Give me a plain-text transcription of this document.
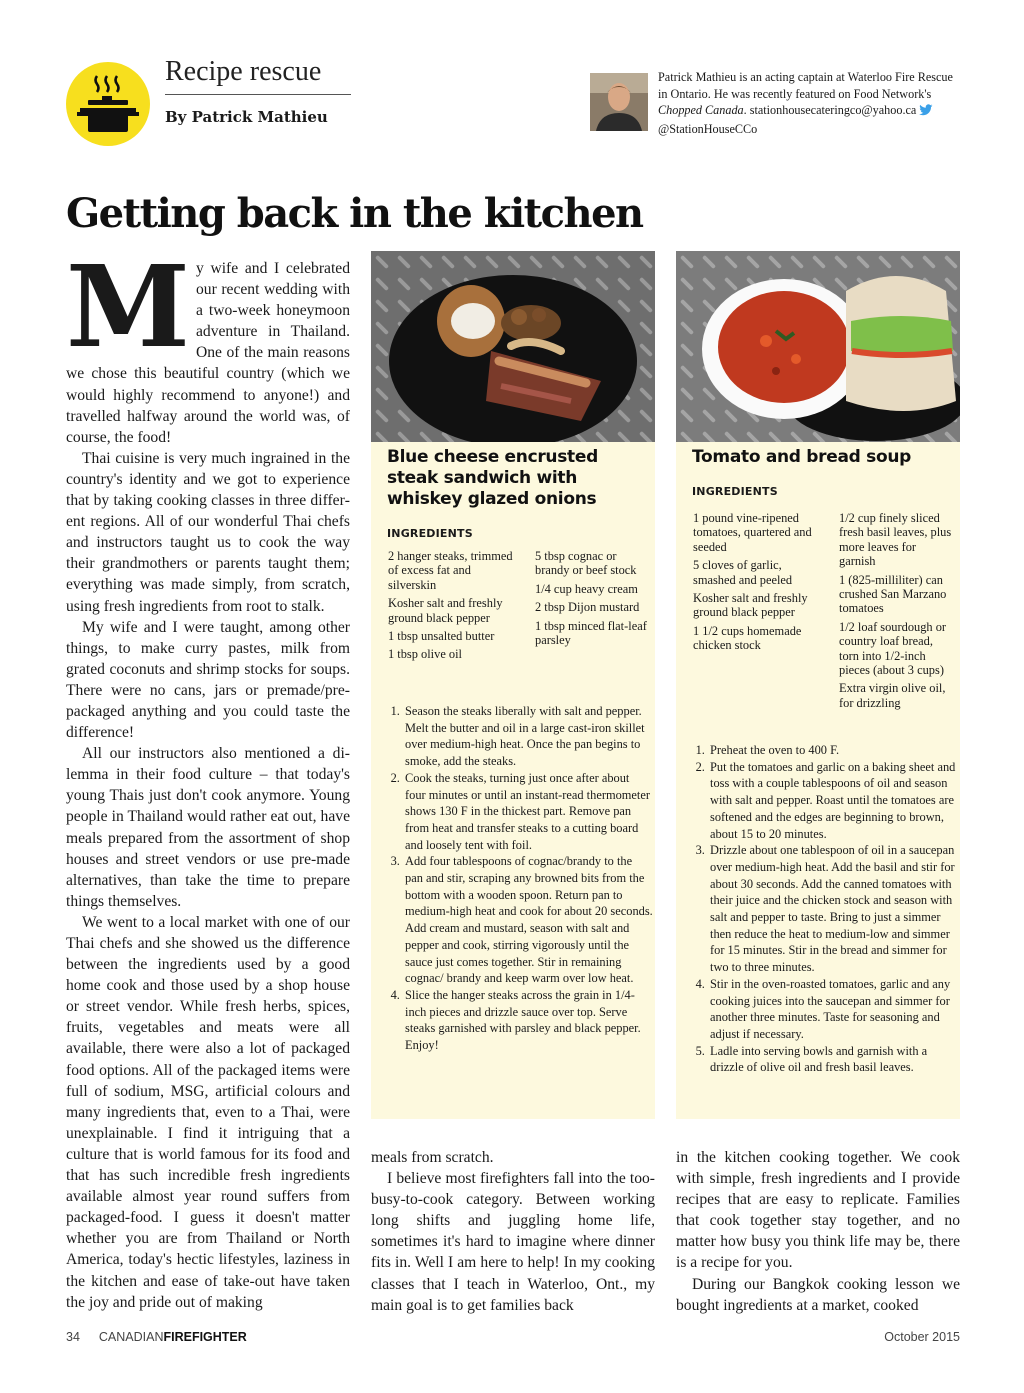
Recipe rescue
By Patrick Mathieu
Patrick Mathieu is an acting captain at Waterloo Fire Rescue in Ontario. He was recently featured on Food Network's Chopped Canada. stationhousecateringco@yahoo.ca  @StationHouseCCo
Getting back in the kitchen
M y wife and I celebrated our recent wedding with a two-week honeymoon adventure in Thailand. One of the main reasons we chose this beautiful country (which we would highly recommend to anyone!) and travelled halfway around the world was, of course, the food!

Thai cuisine is very much ingrained in the country's identity and we got to experience that by taking cooking classes in three different regions. All of our wonderful Thai chefs and instructors taught us to cook the way their grandmothers or parents taught them; everything was made simply, from scratch, using fresh ingredients from root to stalk.

My wife and I were taught, among other things, to make curry pastes, milk from grated coconuts and shrimp stocks for soups. There were no cans, jars or premade/pre-packaged anything and you could taste the difference!

All our instructors also mentioned a dilemma in their food culture – that today's young Thais just don't cook anymore. Young people in Thailand would rather eat out, have meals prepared from the assortment of shop houses and street vendors or use pre-made alternatives, than take the time to prepare things themselves.

We went to a local market with one of our Thai chefs and she showed us the difference between the ingredients used by a good home cook and those used by a shop house or street vendor. While fresh herbs, spices, fruits, vegetables and meats were all available, there were also a lot of packaged food options. All of the packaged items were full of sodium, MSG, artificial colours and many ingredients that, even to a Thai, were unexplainable. I find it intriguing that a culture that is world famous for its food and that has such incredible fresh ingredients available almost year round suffers from packaged-food. I guess it doesn't matter whether you are from Thailand or North America, today's hectic lifestyles, laziness in the kitchen and ease of take-out have taken the joy and pride out of making

Blue cheese encrusted steak sandwich with whiskey glazed onions
INGREDIENTS
2 hanger steaks, trimmed of excess fat and silverskin
Kosher salt and freshly ground black pepper
1 tbsp unsalted butter
1 tbsp olive oil
5 tbsp cognac or brandy or beef stock
1/4 cup heavy cream
2 tbsp Dijon mustard
1 tbsp minced flat-leaf parsley
1. Season the steaks liberally with salt and pepper. Melt the butter and oil in a large cast-iron skillet over medium-high heat. Once the pan begins to smoke, add the steaks.
2. Cook the steaks, turning just once after about four minutes or until an instant-read thermometer shows 130 F in the thickest part. Remove pan from heat and transfer steaks to a cutting board and loosely tent with foil.
3. Add four tablespoons of cognac/brandy to the pan and stir, scraping any browned bits from the bottom with a wooden spoon. Return pan to medium-high heat and cook for about 20 seconds. Add cream and mustard, season with salt and pepper and cook, stirring vigorously until the sauce just comes together. Stir in remaining cognac/ brandy and keep warm over low heat.
4. Slice the hanger steaks across the grain in 1/4-inch pieces and drizzle sauce over top. Serve steaks garnished with parsley and black pepper. Enjoy!
Tomato and bread soup
INGREDIENTS
1 pound vine-ripened tomatoes, quartered and seeded
5 cloves of garlic, smashed and peeled
Kosher salt and freshly ground black pepper
1 1/2 cups homemade chicken stock
1/2 cup finely sliced fresh basil leaves, plus more leaves for garnish
1 (825-milliliter) can crushed San Marzano tomatoes
1/2 loaf sourdough or country loaf bread, torn into 1/2-inch pieces (about 3 cups)
Extra virgin olive oil, for drizzling
1. Preheat the oven to 400 F.
2. Put the tomatoes and garlic on a baking sheet and toss with a couple tablespoons of oil and season with salt and pepper. Roast until the tomatoes are softened and the edges are beginning to brown, about 15 to 20 minutes.
3. Drizzle about one tablespoon of oil in a saucepan over medium-high heat. Add the basil and stir for about 30 seconds. Add the canned tomatoes with their juice and the chicken stock and season with salt and pepper to taste. Bring to just a simmer then reduce the heat to medium-low and simmer for 15 minutes. Stir in the bread and simmer for two to three minutes.
4. Stir in the oven-roasted tomatoes, garlic and any cooking juices into the saucepan and simmer for another three minutes. Taste for seasoning and adjust if necessary.
5. Ladle into serving bowls and garnish with a drizzle of olive oil and fresh basil leaves.

meals from scratch.

I believe most firefighters fall into the too-busy-to-cook category. Between working long shifts and juggling home life, sometimes it's hard to imagine where dinner fits in. Well I am here to help! In my cooking classes that I teach in Waterloo, Ont., my main goal is to get families back

in the kitchen cooking together. We cook with simple, fresh ingredients and I provide recipes that are easy to replicate. Families that cook together stay together, and no matter how busy you think life may be, there is a recipe for you.

During our Bangkok cooking lesson we bought ingredients at a market, cooked

34 CANADIANFIREFIGHTER	October 2015
